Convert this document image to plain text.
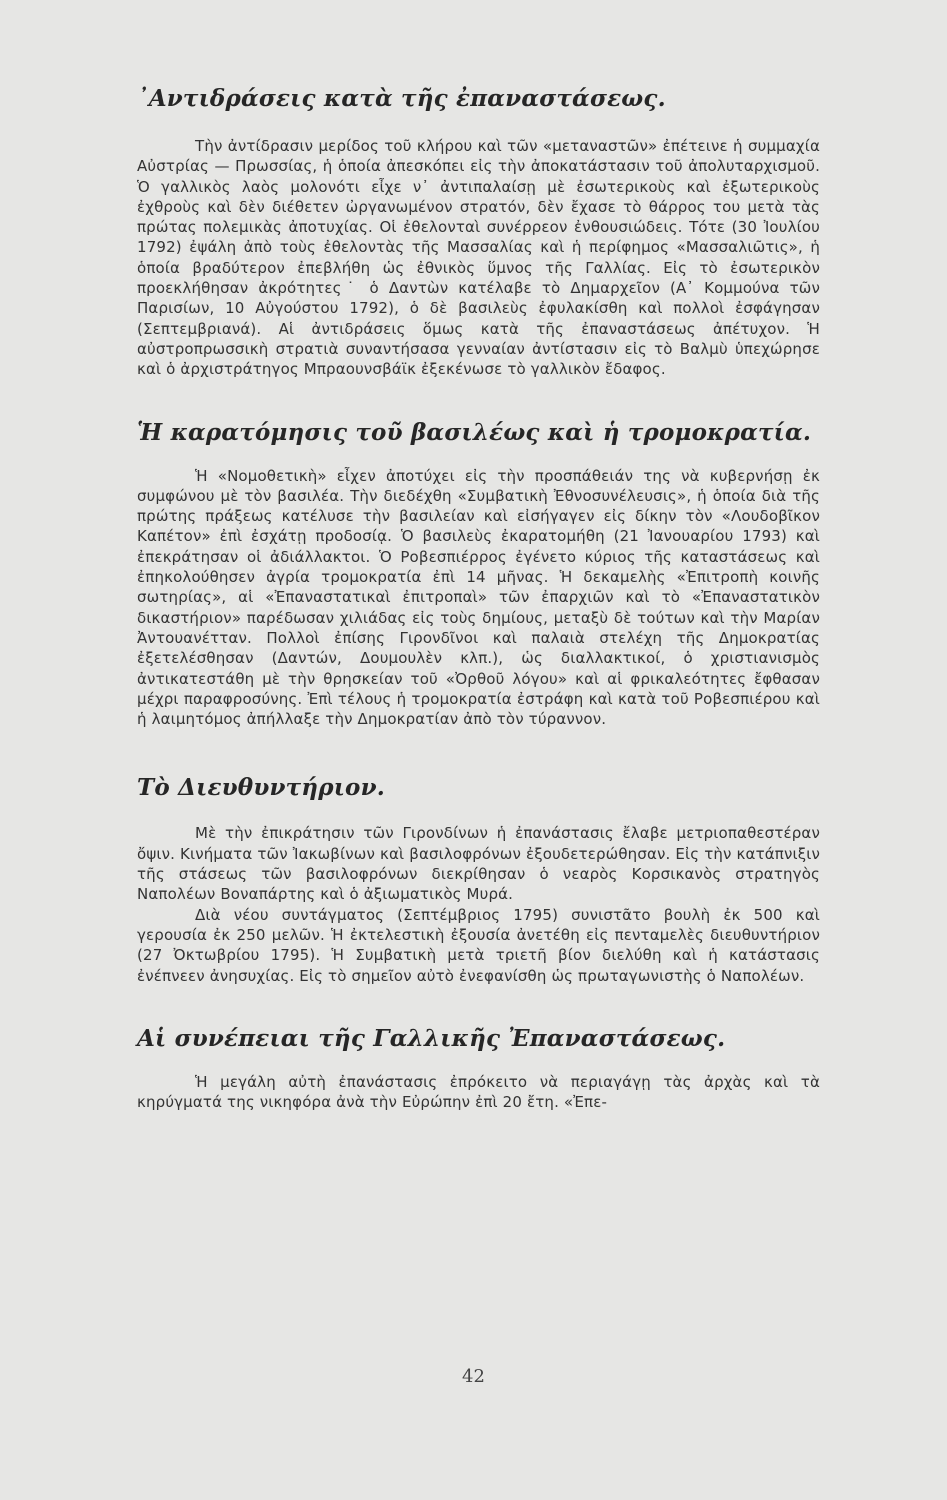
᾽Αντιδράσεις κατὰ τῆς ἐπαναστάσεως.

Τὴν ἀντίδρασιν μερίδος τοῦ κλήρου καὶ τῶν «μεταναστῶν» ἐπέτεινε ἡ συμμαχία Αὐστρίας — Πρωσσίας, ἡ ὁποία ἀπεσκόπει εἰς τὴν ἀποκατάστασιν τοῦ ἀπολυταρχισμοῦ. Ὁ γαλλικὸς λαὸς μολονότι εἶχε ν᾽ ἀντιπαλαίσῃ μὲ ἐσωτερικοὺς καὶ ἐξωτερικοὺς ἐχθροὺς καὶ δὲν διέθετεν ὠργανωμένον στρατόν, δὲν ἔχασε τὸ θάρρος του μετὰ τὰς πρώτας πολεμικὰς ἀποτυχίας. Οἱ ἐθελονταὶ συνέρρεον ἐνθουσιώδεις. Τότε (30 Ἰουλίου 1792) ἐψάλη ἀπὸ τοὺς ἐθελοντὰς τῆς Μασσαλίας καὶ ἡ περίφημος «Μασσαλιῶτις», ἡ ὁποία βραδύτερον ἐπεβλήθη ὡς ἐθνικὸς ὕμνος τῆς Γαλλίας. Εἰς τὸ ἐσωτερικὸν προεκλήθησαν ἀκρότητες˙ ὁ Δαντὼν κατέλαβε τὸ Δημαρχεῖον (Α᾽ Κομμούνα τῶν Παρισίων, 10 Αὐγούστου 1792), ὁ δὲ βασιλεὺς ἐφυλακίσθη καὶ πολλοὶ ἐσφάγησαν (Σεπτεμβριανά). Αἱ ἀντιδράσεις ὅμως κατὰ τῆς ἐπαναστάσεως ἀπέτυχον. Ἡ αὐστροπρωσσικὴ στρατιὰ συναντήσασα γενναίαν ἀντίστασιν εἰς τὸ Βαλμὺ ὑπεχώρησε καὶ ὁ ἀρχιστράτηγος Μπραουνσβάϊκ ἐξεκένωσε τὸ γαλλικὸν ἔδαφος.

Ἡ καρατόμησις τοῦ βασιλέως καὶ ἡ τρομοκρατία.

Ἡ «Νομοθετικὴ» εἶχεν ἀποτύχει εἰς τὴν προσπάθειάν της νὰ κυβερνήσῃ ἐκ συμφώνου μὲ τὸν βασιλέα. Τὴν διεδέχθη «Συμβατικὴ Ἐθνοσυνέλευσις», ἡ ὁποία διὰ τῆς πρώτης πράξεως κατέλυσε τὴν βασιλείαν καὶ εἰσήγαγεν εἰς δίκην τὸν «Λουδοβῖκον Καπέτον» ἐπὶ ἐσχάτῃ προδοσίᾳ. Ὁ βασιλεὺς ἐκαρατομήθη (21 Ἰανουαρίου 1793) καὶ ἐπεκράτησαν οἱ ἀδιάλλακτοι. Ὁ Ροβεσπιέρρος ἐγένετο κύριος τῆς καταστάσεως καὶ ἐπηκολούθησεν ἀγρία τρομοκρατία ἐπὶ 14 μῆνας. Ἡ δεκαμελὴς «Ἐπιτροπὴ κοινῆς σωτηρίας», αἱ «Ἐπαναστατικαὶ ἐπιτροπαὶ» τῶν ἐπαρχιῶν καὶ τὸ «Ἐπαναστατικὸν δικαστήριον» παρέδωσαν χιλιάδας εἰς τοὺς δημίους, μεταξὺ δὲ τούτων καὶ τὴν Μαρίαν Ἀντουανέτταν. Πολλοὶ ἐπίσης Γιρονδῖνοι καὶ παλαιὰ στελέχη τῆς Δημοκρατίας ἐξετελέσθησαν (Δαντών, Δουμουλὲν κλπ.), ὡς διαλλακτικοί, ὁ χριστιανισμὸς ἀντικατεστάθη μὲ τὴν θρησκείαν τοῦ «Ὀρθοῦ λόγου» καὶ αἱ φρικαλεότητες ἔφθασαν μέχρι παραφροσύνης. Ἐπὶ τέλους ἡ τρομοκρατία ἐστράφη καὶ κατὰ τοῦ Ροβεσπιέρου καὶ ἡ λαιμητόμος ἀπήλλαξε τὴν Δημοκρατίαν ἀπὸ τὸν τύραννον.

Τὸ Διευθυντήριον.

Μὲ τὴν ἐπικράτησιν τῶν Γιρονδίνων ἡ ἐπανάστασις ἔλαβε μετριοπαθεστέραν ὄψιν. Κινήματα τῶν Ἰακωβίνων καὶ βασιλοφρόνων ἐξουδετερώθησαν. Εἰς τὴν κατάπνιξιν τῆς στάσεως τῶν βασιλοφρόνων διεκρίθησαν ὁ νεαρὸς Κορσικανὸς στρατηγὸς Ναπολέων Βοναπάρτης καὶ ὁ ἀξιωματικὸς Μυρά.

Διὰ νέου συντάγματος (Σεπτέμβριος 1795) συνιστᾶτο βουλὴ ἐκ 500 καὶ γερουσία ἐκ 250 μελῶν. Ἡ ἐκτελεστικὴ ἐξουσία ἀνετέθη εἰς πενταμελὲς διευθυντήριον (27 Ὀκτωβρίου 1795). Ἡ Συμβατικὴ μετὰ τριετῆ βίον διελύθη καὶ ἡ κατάστασις ἐνέπνεεν ἀνησυχίας. Εἰς τὸ σημεῖον αὐτὸ ἐνεφανίσθη ὡς πρωταγωνιστὴς ὁ Ναπολέων.

Αἱ συνέπειαι τῆς Γαλλικῆς Ἐπαναστάσεως.

Ἡ μεγάλη αὐτὴ ἐπανάστασις ἐπρόκειτο νὰ περιαγάγῃ τὰς ἀρχὰς καὶ τὰ κηρύγματά της νικηφόρα ἀνὰ τὴν Εὐρώπην ἐπὶ 20 ἔτη. «Ἐπε-

42
